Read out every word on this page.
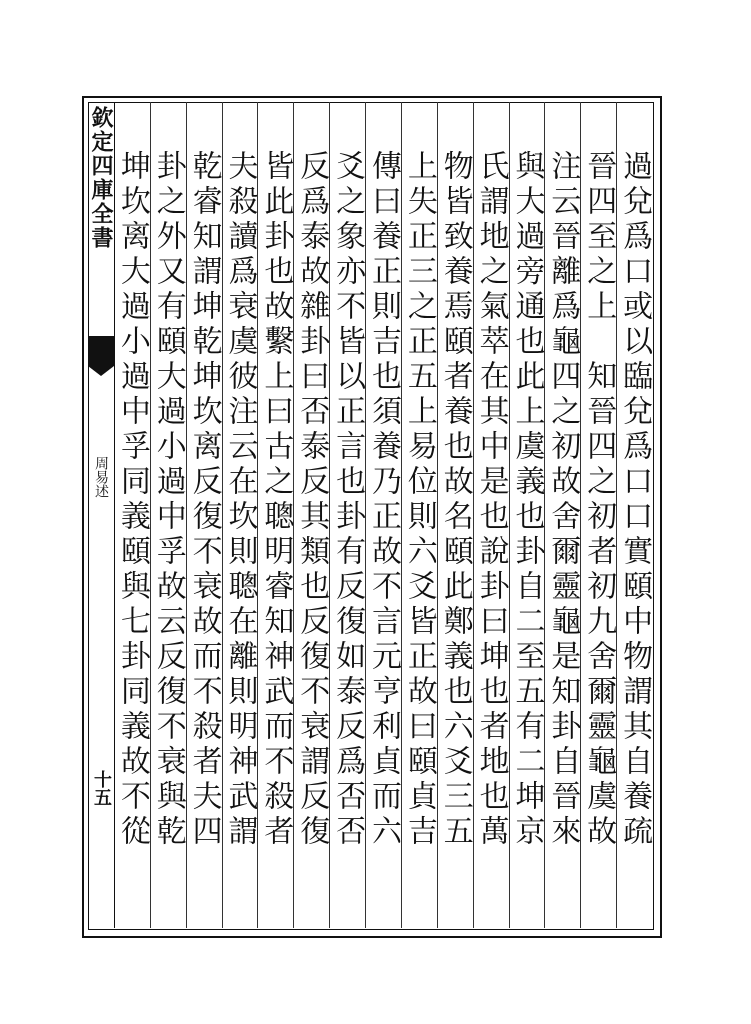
欽定四庫全書
周易述
十五	過兌爲口或以臨兌爲口口實頤中物謂其自養疏
晉四至之上　知晉四之初者初九舍爾靈龜虞故
注云晉離爲龜四之初故舍爾靈龜是知卦自晉來
與大過旁通也此上虞義也卦自二至五有二坤京
氏謂地之氣萃在其中是也說卦曰坤也者地也萬
物皆致養焉頤者養也故名頤此鄭義也六爻三五
上失正三之正五上易位則六爻皆正故曰頤貞吉
傳曰養正則吉也須養乃正故不言元亨利貞而六
爻之象亦不皆以正言也卦有反復如泰反爲否否
反爲泰故雜卦曰否泰反其類也反復不衰謂反復
皆此卦也故繫上曰古之聰明睿知神武而不殺者
夫殺讀爲衰虞彼注云在坎則聰在離則明神武謂
乾睿知謂坤乾坤坎离反復不衰故而不殺者夫四
卦之外又有頤大過小過中孚故云反復不衰與乾
坤坎离大過小過中孚同義頤與七卦同義故不從
